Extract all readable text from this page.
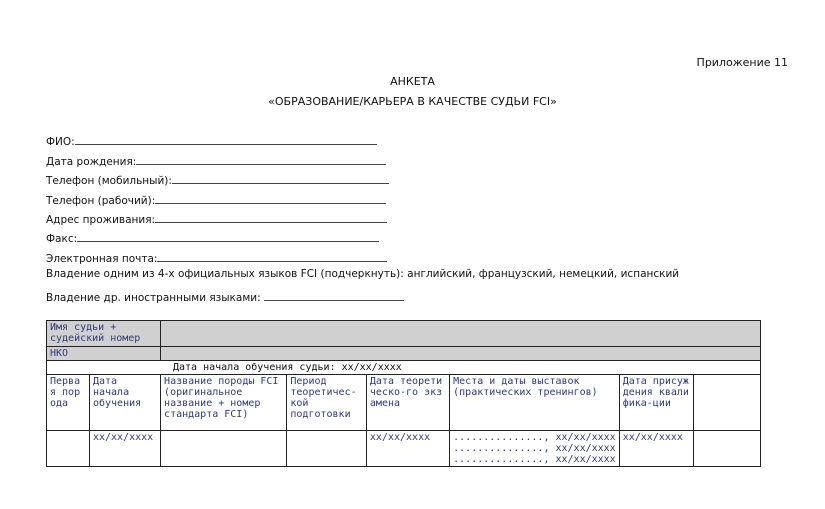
Приложение 11
АНКЕТА
«ОБРАЗОВАНИЕ/КАРЬЕРА В КАЧЕСТВЕ СУДЬИ FCI»
ФИО:
Дата рождения:
Телефон (мобильный):
Телефон (рабочий):
Адрес проживания:
Факс:
Электронная почта:
Владение одним из 4-х официальных языков FCI (подчеркнуть): английский, французский, немецкий, испанский
Владение др. иностранными языками:
Имя судьи + судейский номер							
НКО							
Дата начала обучения судьи: xx/xx/xxxx							
Первая порода	Дата начала обучения	Название породы FCI (оригинальное название + номер стандарта FCI)	Период теоретичес-кой подготовки	Дата теоретическо-го экзамена	Места и даты выставок (практических тренингов)	Дата присуждения квалифика-ции	
	xx/xx/xxxx			xx/xx/xxxx	..............., xx/xx/xxxx
..............., xx/xx/xxxx
..............., xx/xx/xxxx	xx/xx/xxxx	
